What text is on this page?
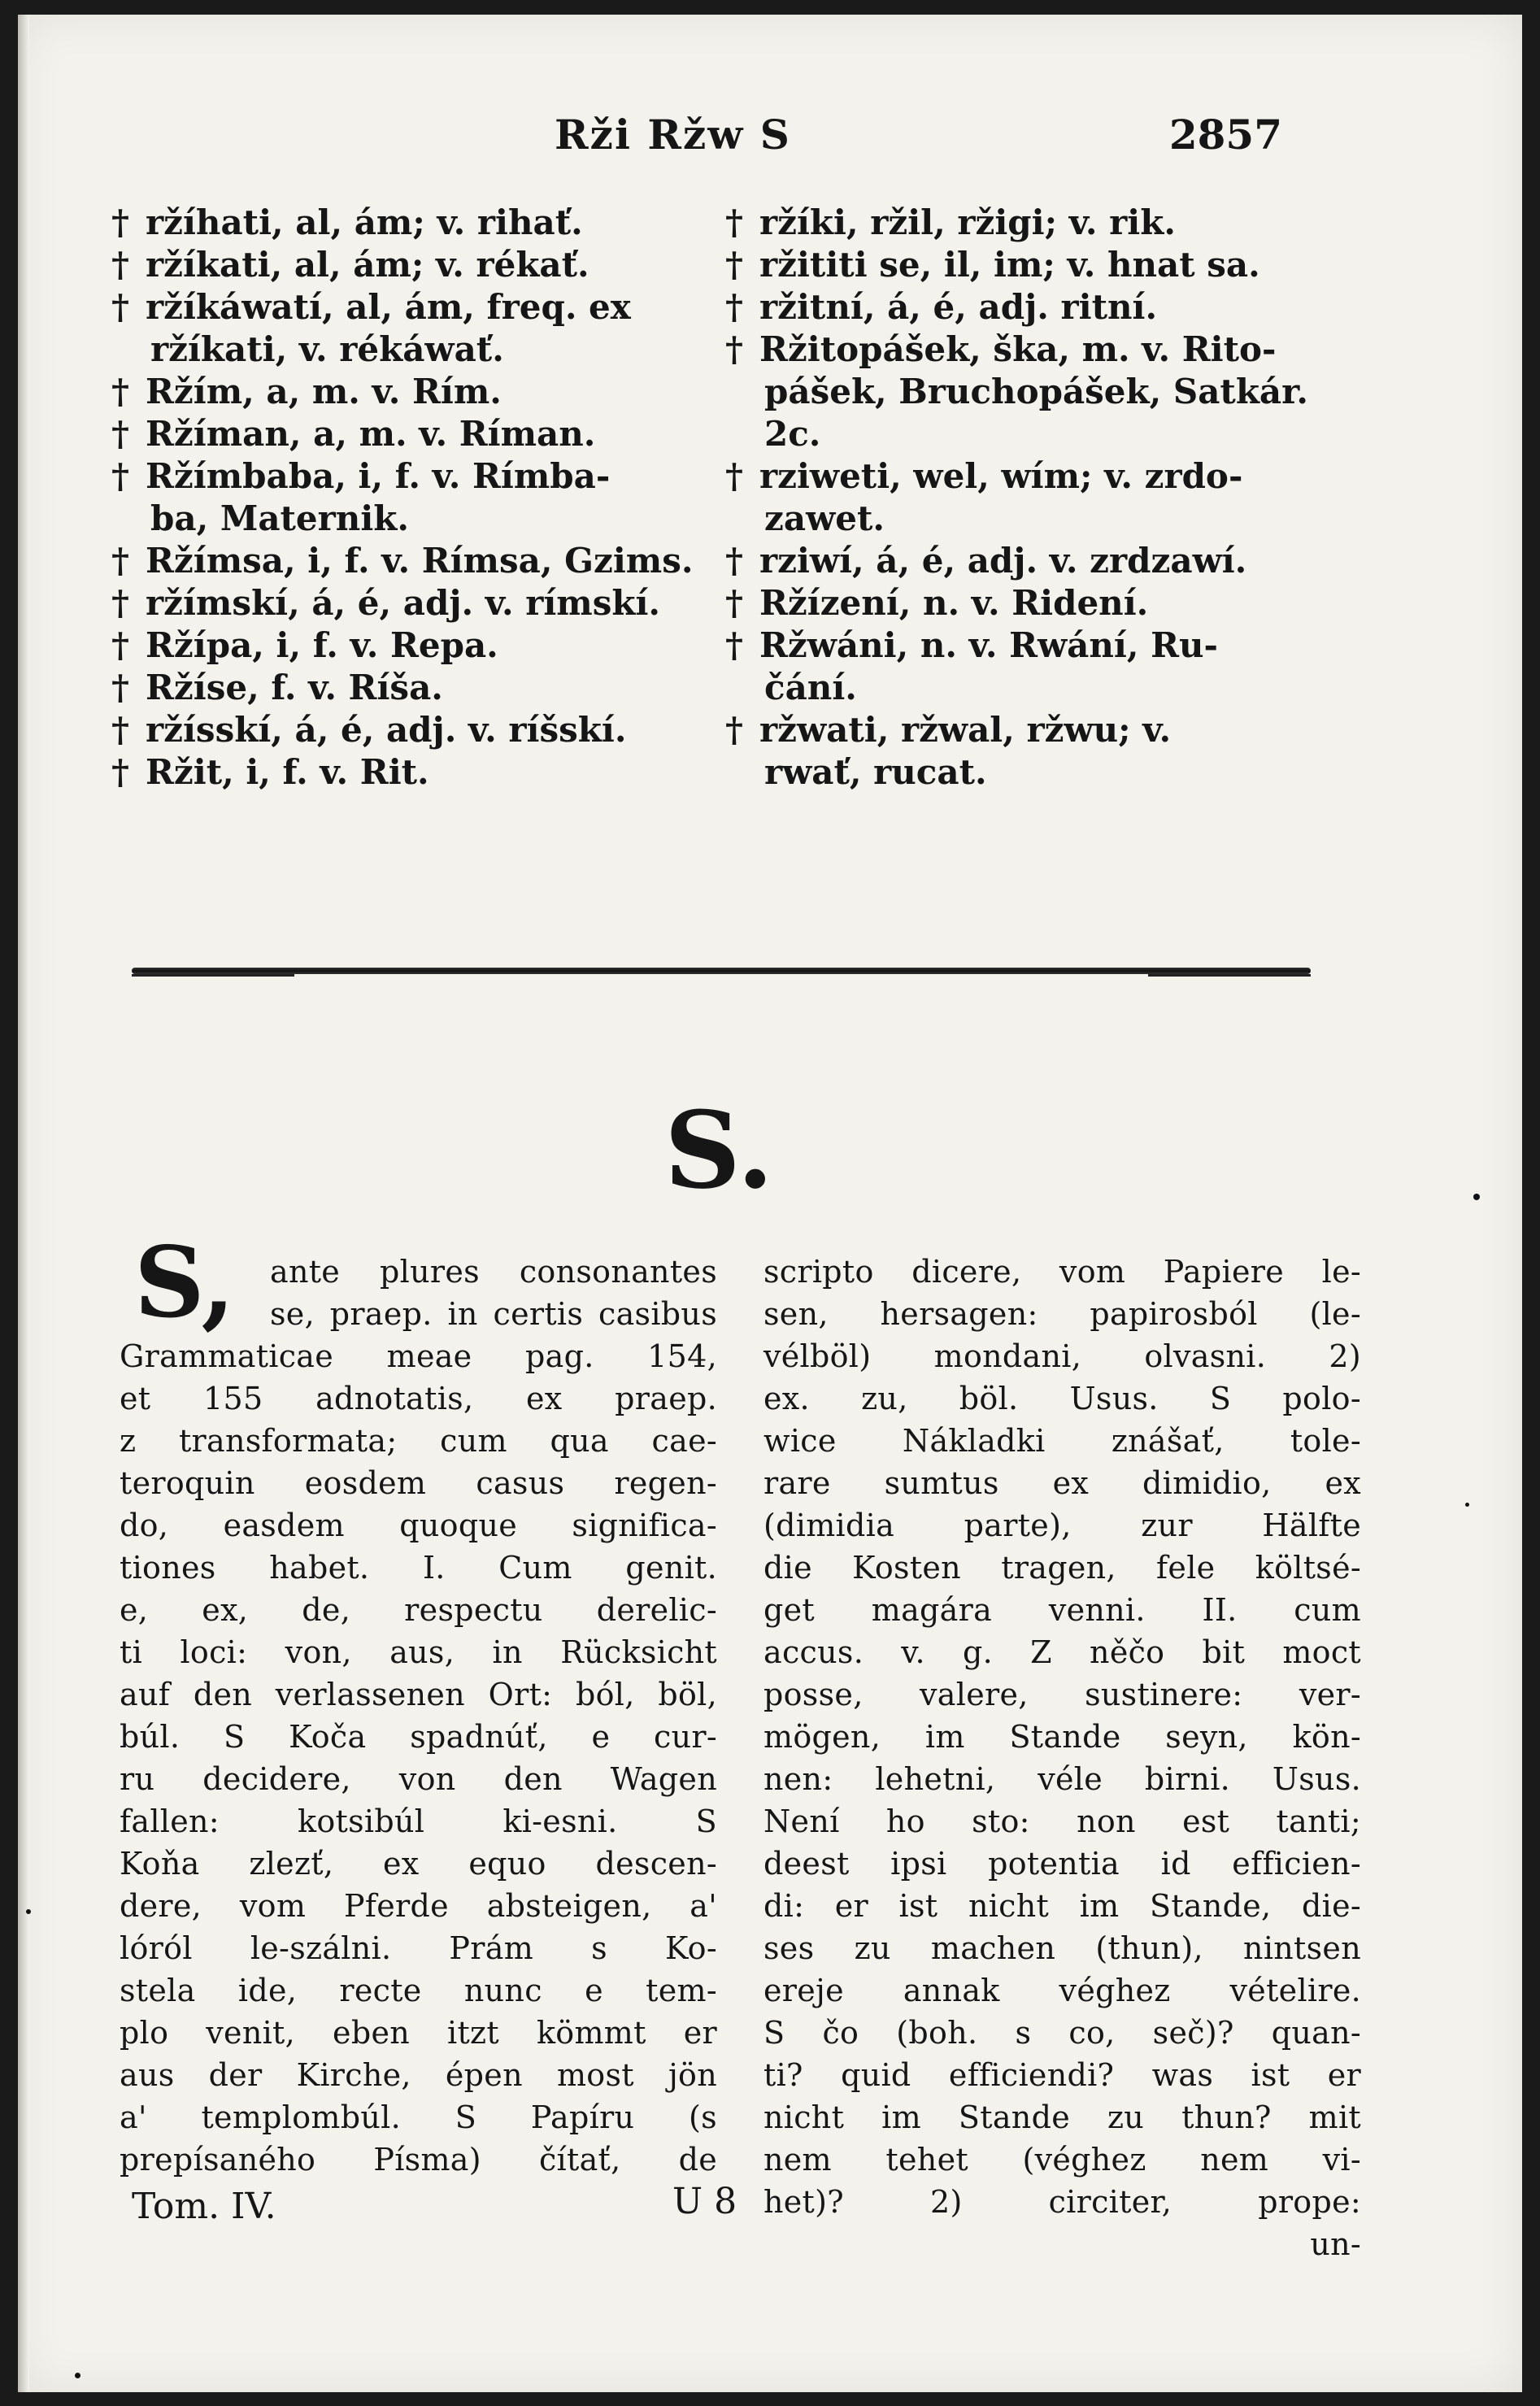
Rži Ržw S	2857

† ržíhati, al, ám; v. rihať.

† ržíkati, al, ám; v. rékať.

† ržíkáwatí, al, ám, freq. ex

ržíkati, v. rékáwať.

† Ržím, a, m. v. Rím.

† Ržíman, a, m. v. Ríman.

† Ržímbaba, i, f. v. Rímba-

ba, Maternik.

† Ržímsa, i, f. v. Rímsa, Gzims.

† ržímskí, á, é, adj. v. rímskí.

† Ržípa, i, f. v. Repa.

† Ržíse, f. v. Ríša.

† ržísskí, á, é, adj. v. ríšskí.

† Ržit, i, f. v. Rit.

† ržíki, ržil, ržigi; v. rik.

† ržititi se, il, im; v. hnat sa.

† ržitní, á, é, adj. ritní.

† Ržitopášek, ška, m. v. Rito-

pášek, Bruchopášek, Satkár.

2c.

† rziweti, wel, wím; v. zrdo-

zawet.

† rziwí, á, é, adj. v. zrdzawí.

† Ržízení, n. v. Ridení.

† Ržwáni, n. v. Rwání, Ru-

čání.

† ržwati, ržwal, ržwu; v.

rwať, rucat.

S.
S,	ante plures consonantes

se, praep. in certis casibus

Grammaticae meae pag. 154,

et 155 adnotatis, ex praep.

z transformata; cum qua cae-

teroquin eosdem casus regen-

do, easdem quoque significa-

tiones habet. I. Cum genit.

e, ex, de, respectu derelic-

ti loci: von, aus, in Rücksicht

auf den verlassenen Ort: ból, böl,

búl. S Koča spadnúť, e cur-

ru decidere, von den Wagen

fallen: kotsibúl ki-esni. S

Koňa zlezť, ex equo descen-

dere, vom Pferde absteigen, a'

lóról le-szálni. Prám s Ko-

stela ide, recte nunc e tem-

plo venit, eben itzt kömmt er

aus der Kirche, épen most jön

a' templombúl. S Papíru (s

prepísaného Písma) čítať, de

scripto dicere, vom Papiere le-

sen, hersagen: papirosból (le-

vélböl) mondani, olvasni. 2)

ex. zu, böl. Usus. S polo-

wice Nákladki znášať, tole-

rare sumtus ex dimidio, ex

(dimidia parte), zur Hälfte

die Kosten tragen, fele költsé-

get magára venni. II. cum

accus. v. g. Z něčo bit moct

posse, valere, sustinere: ver-

mögen, im Stande seyn, kön-

nen: lehetni, véle birni. Usus.

Není ho sto: non est tanti;

deest ipsi potentia id efficien-

di: er ist nicht im Stande, die-

ses zu machen (thun), nintsen

ereje annak véghez vételire.

S čo (boh. s co, seč)? quan-

ti? quid efficiendi? was ist er

nicht im Stande zu thun? mit

nem tehet (véghez nem vi-

het)? 2) circiter, prope:

un-

Tom. IV.	U 8
